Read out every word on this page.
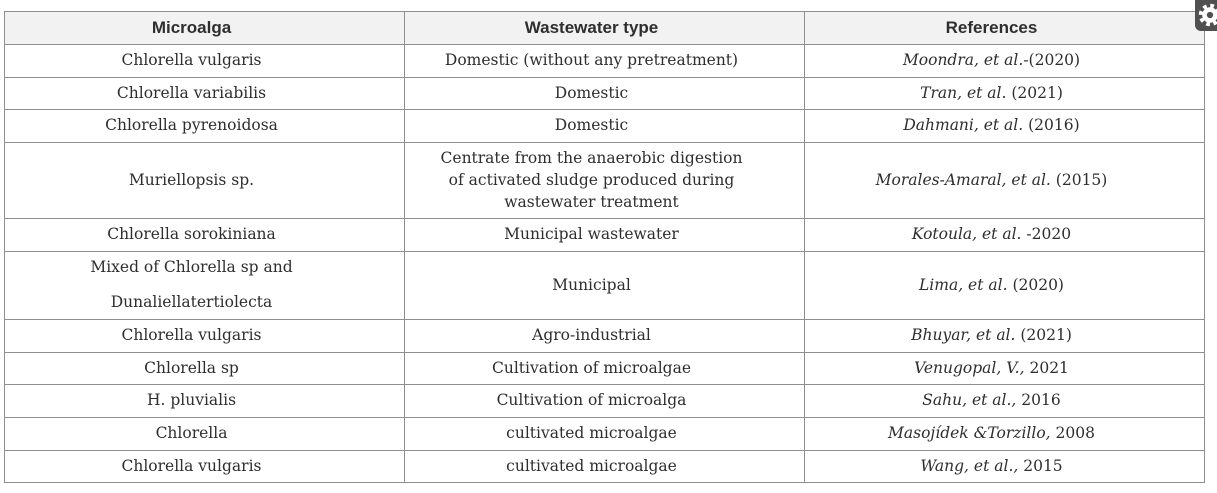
Microalga	Wastewater type	References
Chlorella vulgaris	Domestic (without any pretreatment)	Moondra, et al.-(2020)
Chlorella variabilis	Domestic	Tran, et al. (2021)
Chlorella pyrenoidosa	Domestic	Dahmani, et al. (2016)
Muriellopsis sp.	Centrate from the anaerobic digestion
of activated sludge produced during
wastewater treatment	Morales-Amaral, et al. (2015)
Chlorella sorokiniana	Municipal wastewater	Kotoula, et al. -2020

Mixed of Chlorella sp and
Dunaliellatertiolecta	Municipal	Lima, et al. (2020)
Chlorella vulgaris	Agro-industrial	Bhuyar, et al. (2021)
Chlorella sp	Cultivation of microalgae	Venugopal, V., 2021
H. pluvialis	Cultivation of microalga	Sahu, et al., 2016
Chlorella	cultivated microalgae	Masojídek &Torzillo, 2008
Chlorella vulgaris	cultivated microalgae	Wang, et al., 2015
